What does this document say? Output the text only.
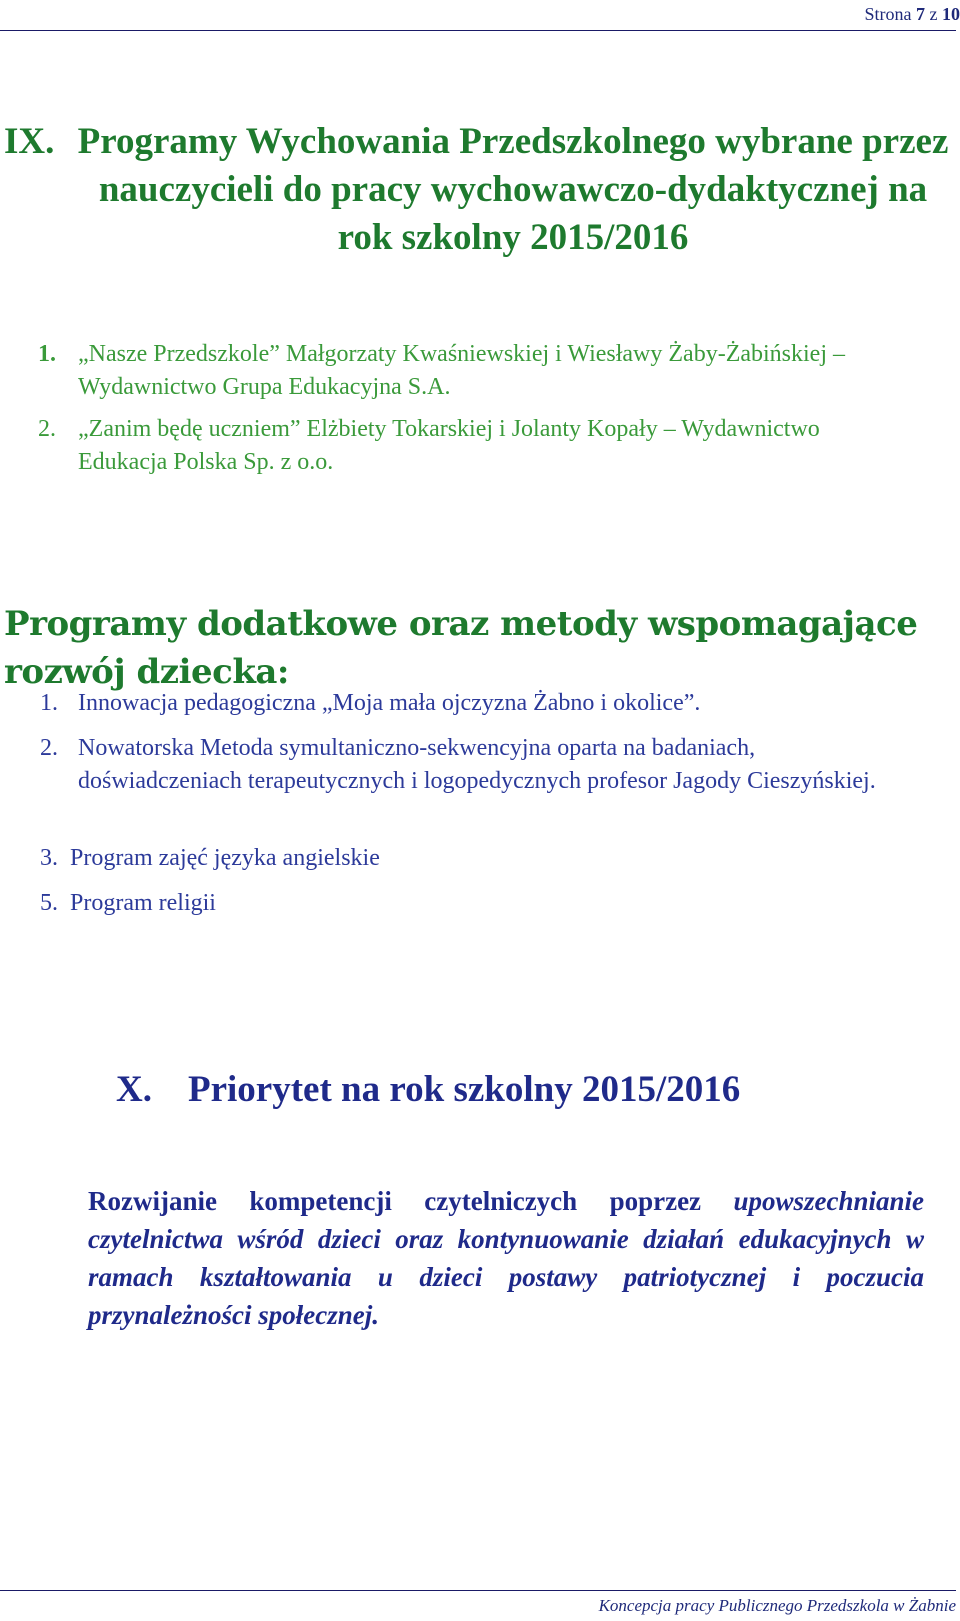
Strona 7 z 10
IX. Programy Wychowania Przedszkolnego wybrane przez nauczycieli do pracy wychowawczo-dydaktycznej na rok szkolny 2015/2016
1. „Nasze Przedszkole” Małgorzaty Kwaśniewskiej i Wiesławy Żaby-Żabińskiej – Wydawnictwo Grupa Edukacyjna S.A.
2. „Zanim będę uczniem” Elżbiety Tokarskiej i Jolanty Kopały – Wydawnictwo Edukacja Polska Sp. z o.o.
Programy dodatkowe oraz metody wspomagające rozwój dziecka:
1. Innowacja pedagogiczna „Moja mała ojczyzna Żabno i okolice”.
2. Nowatorska Metoda symultaniczno-sekwencyjna oparta na badaniach, doświadczeniach terapeutycznych i logopedycznych profesor Jagody Cieszyńskiej.
3. Program zajęć języka angielskie
5. Program religii
X. Priorytet na rok szkolny 2015/2016
Rozwijanie kompetencji czytelniczych poprzez upowszechnianie czytelnictwa wśród dzieci oraz kontynuowanie działań edukacyjnych w ramach kształtowania u dzieci postawy patriotycznej i poczucia przynależności społecznej.
Koncepcja pracy Publicznego Przedszkola w Żabnie
